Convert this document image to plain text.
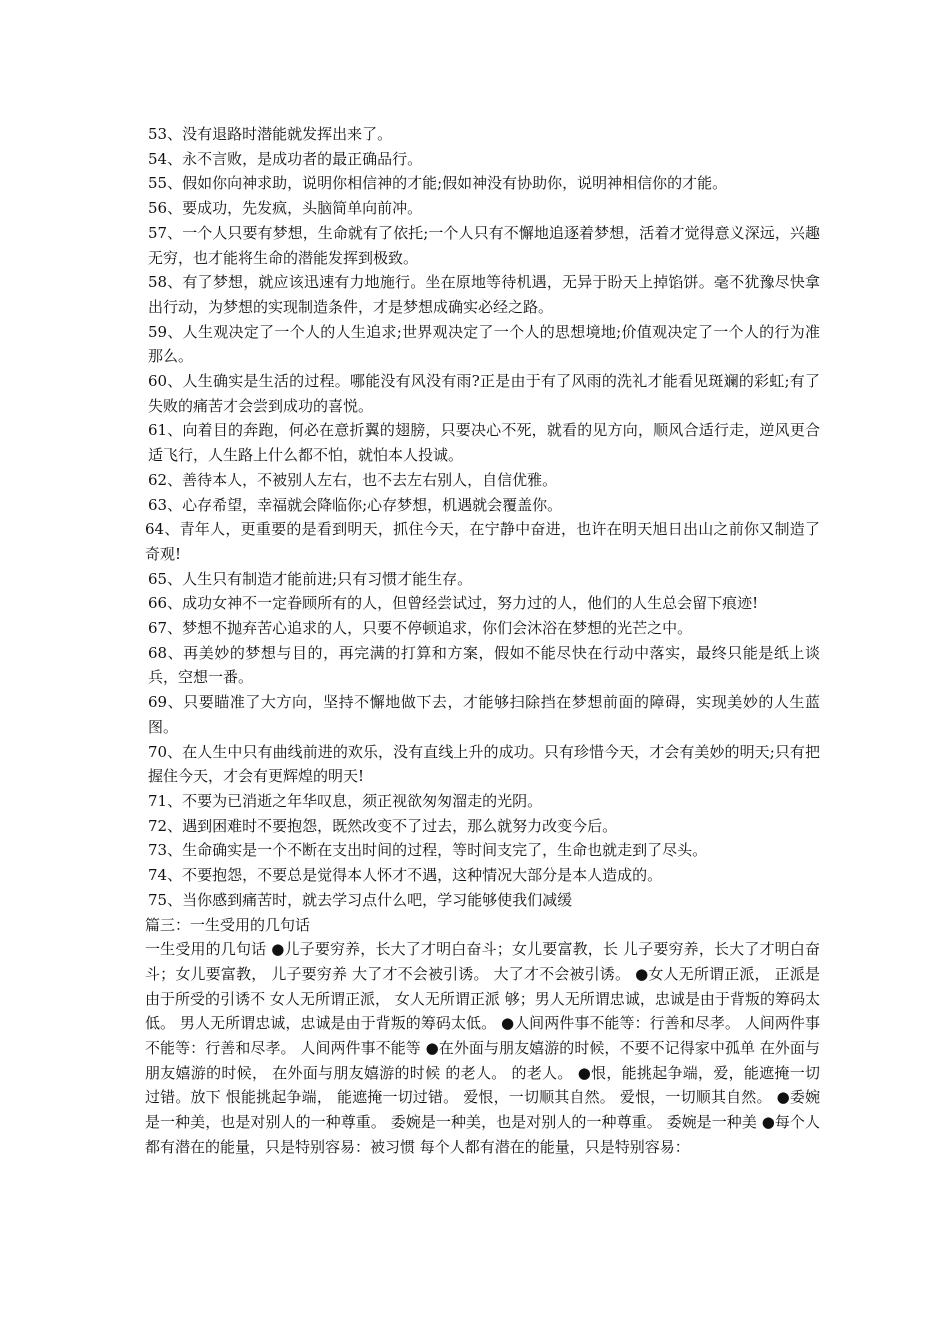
53、没有退路时潜能就发挥出来了。

54、永不言败，是成功者的最正确品行。

55、假如你向神求助，说明你相信神的才能;假如神没有协助你，说明神相信你的才能。

56、要成功，先发疯，头脑简单向前冲。

57、一个人只要有梦想，生命就有了依托;一个人只有不懈地追逐着梦想，活着才觉得意义深远，兴趣无穷，也才能将生命的潜能发挥到极致。

58、有了梦想，就应该迅速有力地施行。坐在原地等待机遇，无异于盼天上掉馅饼。毫不犹豫尽快拿出行动，为梦想的实现制造条件，才是梦想成确实必经之路。

59、人生观决定了一个人的人生追求;世界观决定了一个人的思想境地;价值观决定了一个人的行为准那么。

60、人生确实是生活的过程。哪能没有风没有雨?正是由于有了风雨的洗礼才能看见斑斓的彩虹;有了失败的痛苦才会尝到成功的喜悦。

61、向着目的奔跑，何必在意折翼的翅膀，只要决心不死，就看的见方向，顺风合适行走，逆风更合适飞行，人生路上什么都不怕，就怕本人投诚。

62、善待本人，不被别人左右，也不去左右别人，自信优雅。

63、心存希望，幸福就会降临你;心存梦想，机遇就会覆盖你。

64、青年人，更重要的是看到明天，抓住今天，在宁静中奋进，也许在明天旭日出山之前你又制造了奇观!

65、人生只有制造才能前进;只有习惯才能生存。

66、成功女神不一定眷顾所有的人，但曾经尝试过，努力过的人，他们的人生总会留下痕迹!

67、梦想不抛弃苦心追求的人，只要不停顿追求，你们会沐浴在梦想的光芒之中。

68、再美妙的梦想与目的，再完满的打算和方案，假如不能尽快在行动中落实，最终只能是纸上谈兵，空想一番。

69、只要瞄准了大方向，坚持不懈地做下去，才能够扫除挡在梦想前面的障碍，实现美妙的人生蓝图。

70、在人生中只有曲线前进的欢乐，没有直线上升的成功。只有珍惜今天，才会有美妙的明天;只有把握住今天，才会有更辉煌的明天!

71、不要为已消逝之年华叹息，须正视欲匆匆溜走的光阴。

72、遇到困难时不要抱怨，既然改变不了过去，那么就努力改变今后。

73、生命确实是一个不断在支出时间的过程，等时间支完了，生命也就走到了尽头。

74、不要抱怨，不要总是觉得本人怀才不遇，这种情况大部分是本人造成的。

75、当你感到痛苦时，就去学习点什么吧，学习能够使我们减缓

篇三：一生受用的几句话

一生受用的几句话 ●儿子要穷养，长大了才明白奋斗；女儿要富教，长 儿子要穷养，长大了才明白奋斗；女儿要富教， 儿子要穷养 大了才不会被引诱。 大了才不会被引诱。 ●女人无所谓正派， 正派是由于所受的引诱不 女人无所谓正派， 女人无所谓正派 够；男人无所谓忠诚，忠诚是由于背叛的筹码太低。 男人无所谓忠诚，忠诚是由于背叛的筹码太低。 ●人间两件事不能等：行善和尽孝。 人间两件事不能等：行善和尽孝。 人间两件事不能等 ●在外面与朋友嬉游的时候，不要不记得家中孤单 在外面与朋友嬉游的时候， 在外面与朋友嬉游的时候 的老人。 的老人。 ●恨，能挑起争端，爱，能遮掩一切过错。放下 恨能挑起争端， 能遮掩一切过错。 爱恨，一切顺其自然。 爱恨，一切顺其自然。 ●委婉是一种美，也是对别人的一种尊重。 委婉是一种美，也是对别人的一种尊重。 委婉是一种美 ●每个人都有潜在的能量，只是特别容易：被习惯 每个人都有潜在的能量，只是特别容易：
